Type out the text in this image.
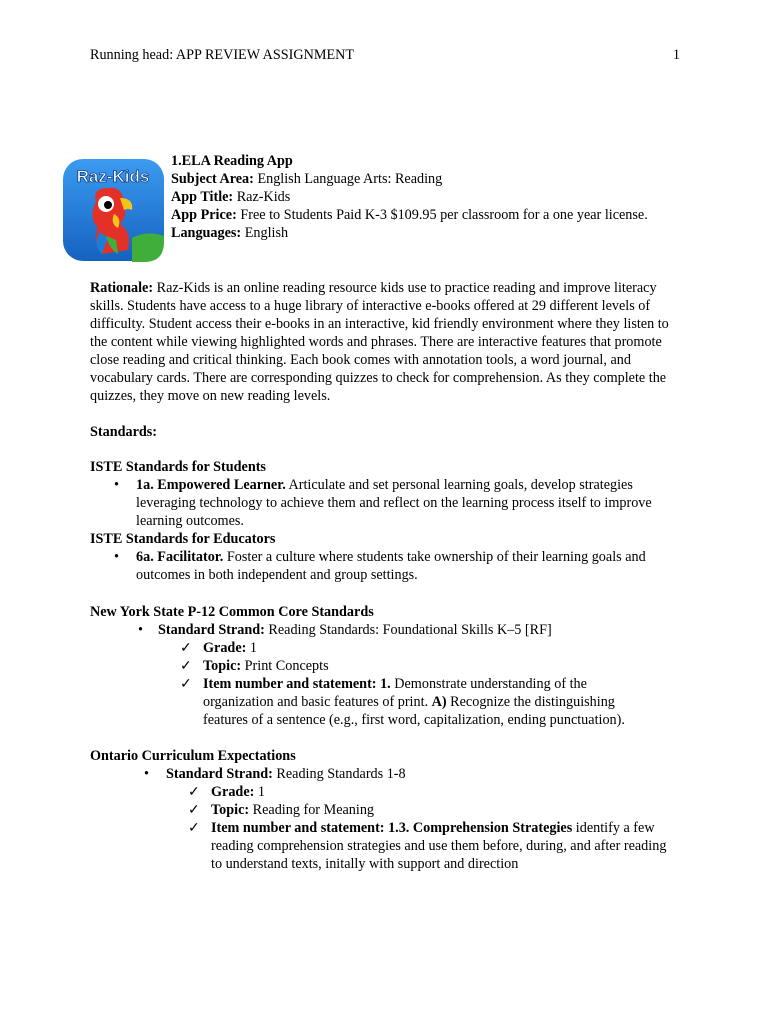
Running head: APP REVIEW ASSIGNMENT	1
Raz-Kids

1.ELA Reading App

Subject Area: English Language Arts: Reading

App Title: Raz-Kids

App Price: Free to Students Paid K-3 $109.95 per classroom for a one year license.

Languages: English

Rationale: Raz-Kids is an online reading resource kids use to practice reading and improve literacy skills. Students have access to a huge library of interactive e-books offered at 29 different levels of difficulty. Student access their e-books in an interactive, kid friendly environment where they listen to the content while viewing highlighted words and phrases. There are interactive features that promote close reading and critical thinking. Each book comes with annotation tools, a word journal, and vocabulary cards. There are corresponding quizzes to check for comprehension. As they complete the quizzes, they move on new reading levels.

Standards:

ISTE Standards for Students

• 1a. Empowered Learner. Articulate and set personal learning goals, develop strategies leveraging technology to achieve them and reflect on the learning process itself to improve learning outcomes.

ISTE Standards for Educators

• 6a. Facilitator. Foster a culture where students take ownership of their learning goals and outcomes in both independent and group settings.

New York State P-12 Common Core Standards

• Standard Strand: Reading Standards: Foundational Skills K–5 [RF]
✓ Grade: 1
✓ Topic: Print Concepts
✓ Item number and statement: 1. Demonstrate understanding of the organization and basic features of print. A) Recognize the distinguishing features of a sentence (e.g., first word, capitalization, ending punctuation).

Ontario Curriculum Expectations

• Standard Strand: Reading Standards 1-8
✓ Grade: 1
✓ Topic: Reading for Meaning
✓ Item number and statement: 1.3. Comprehension Strategies identify a few reading comprehension strategies and use them before, during, and after reading to understand texts, initally with support and direction
